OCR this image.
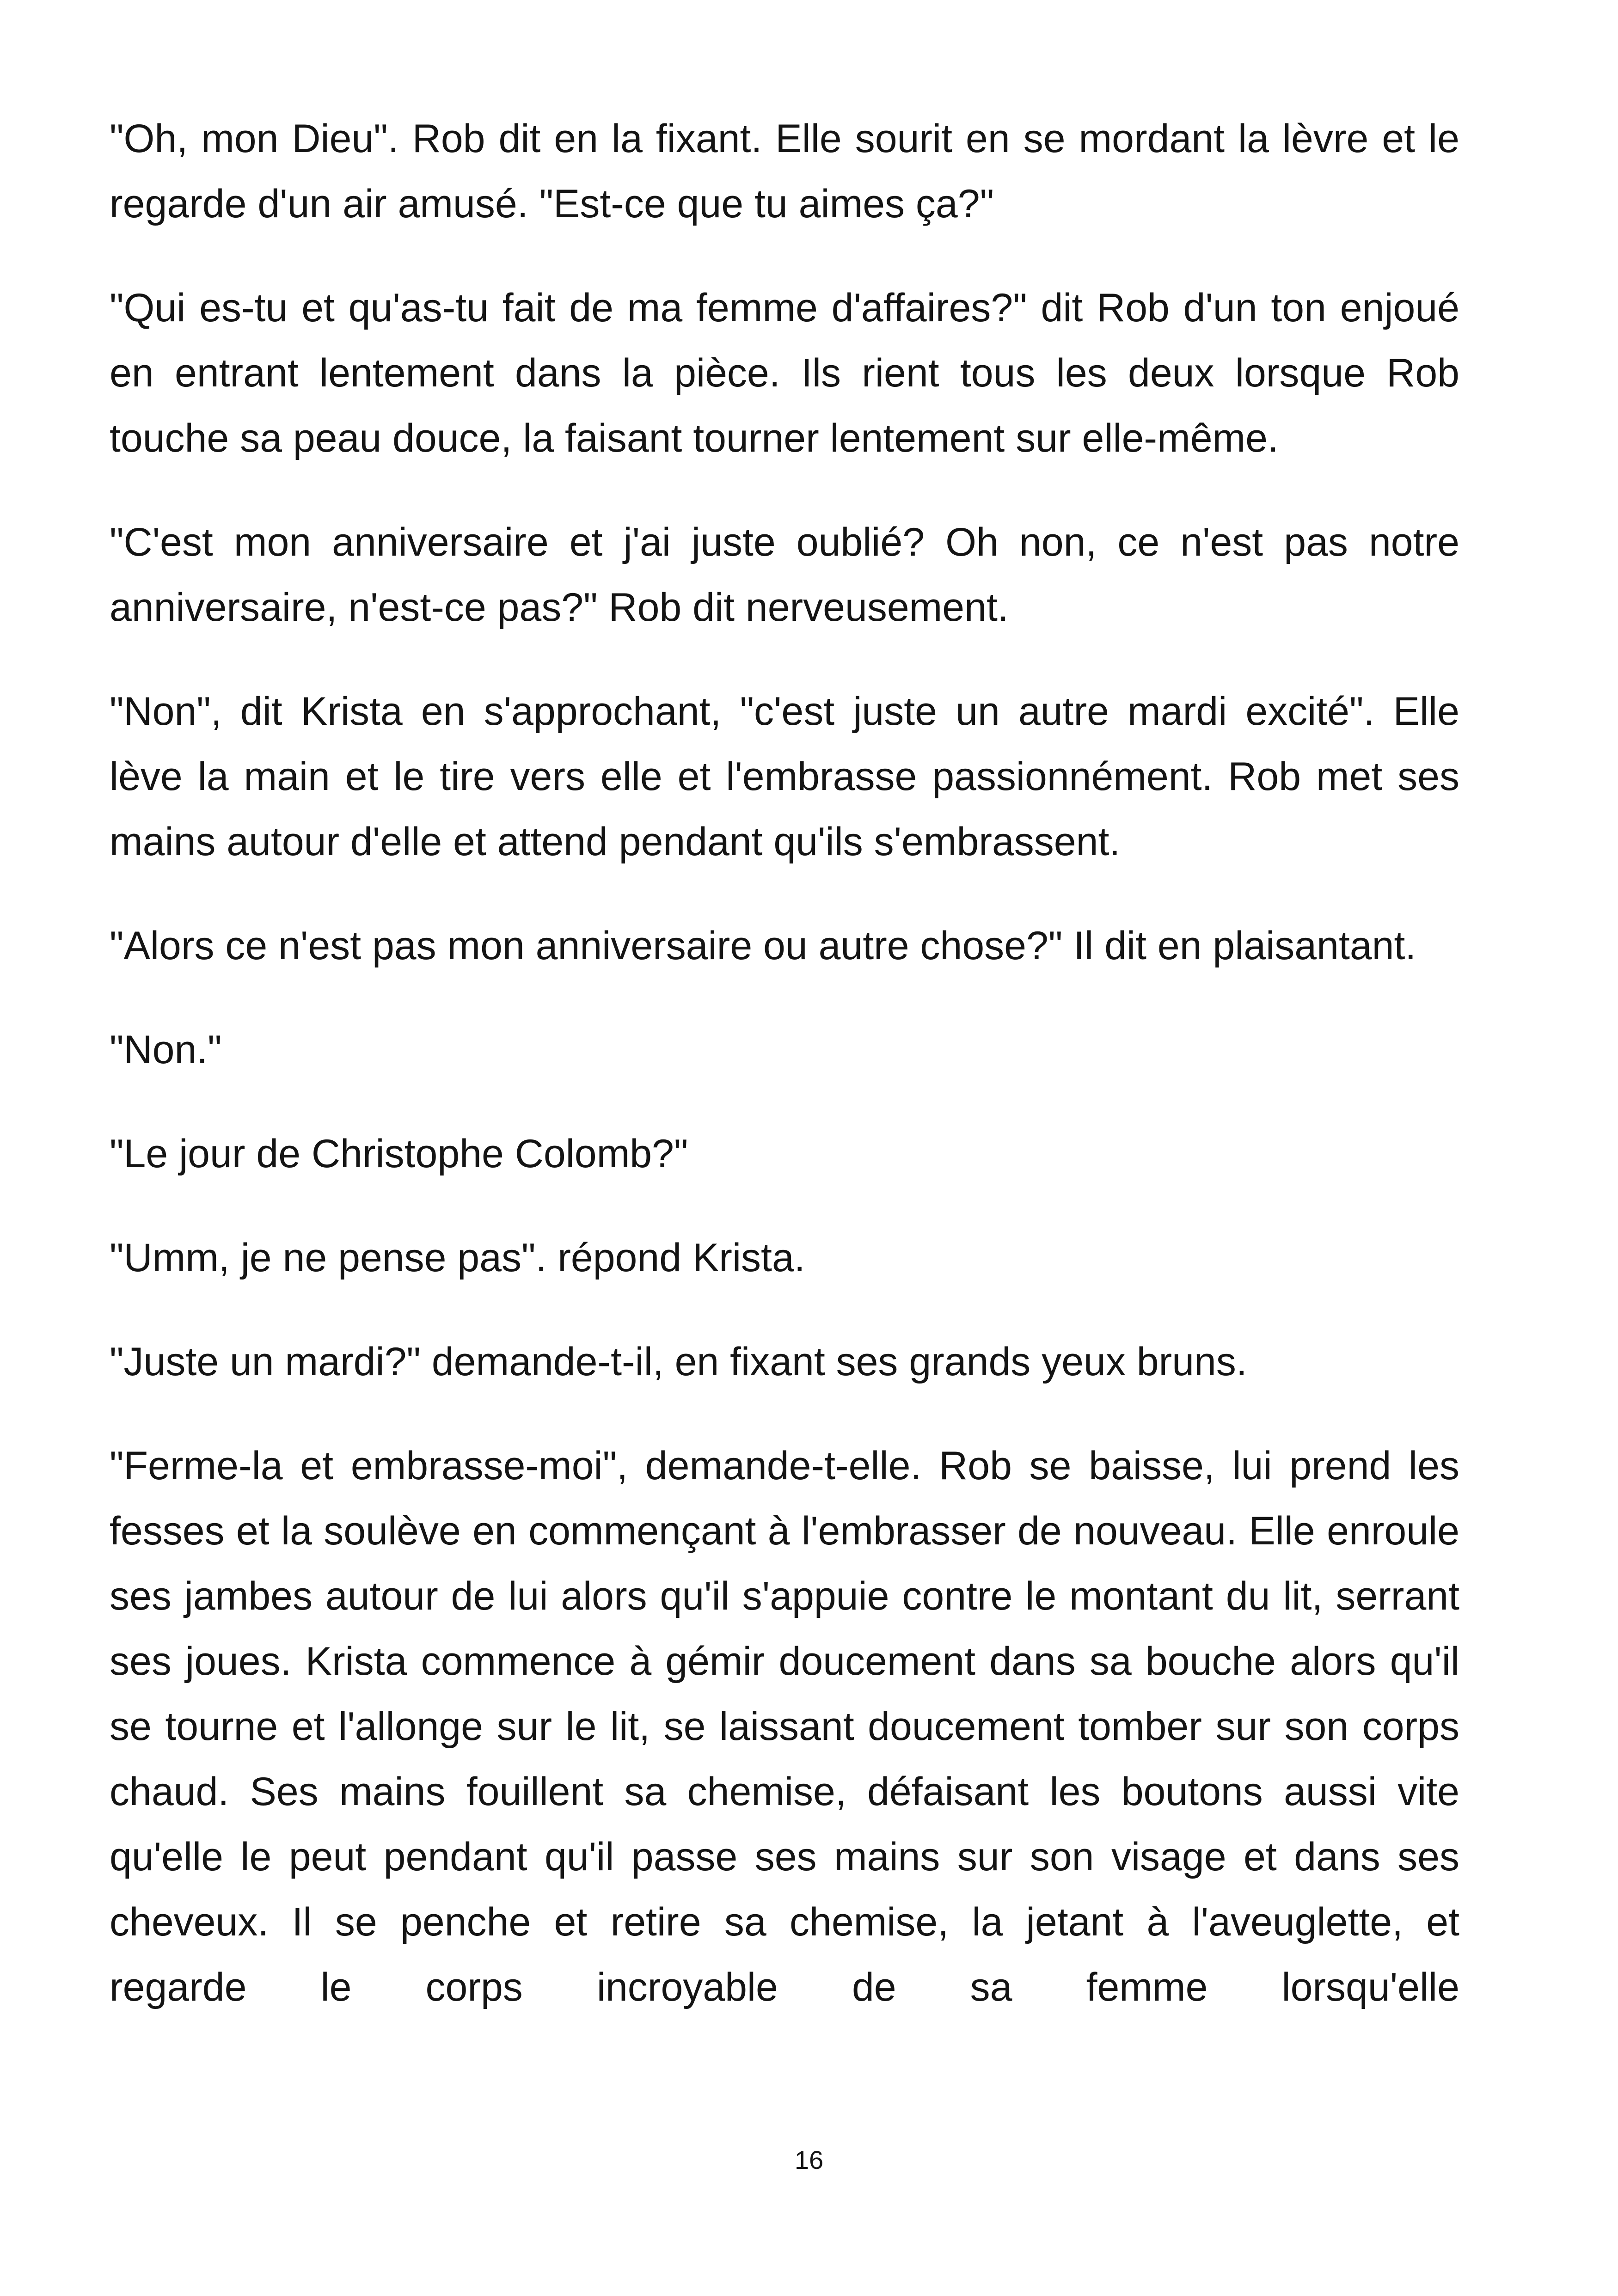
"Oh, mon Dieu". Rob dit en la fixant. Elle sourit en se mordant la lèvre et le regarde d'un air amusé. "Est-ce que tu aimes ça?"

"Qui es-tu et qu'as-tu fait de ma femme d'affaires?" dit Rob d'un ton enjoué en entrant lentement dans la pièce. Ils rient tous les deux lorsque Rob touche sa peau douce, la faisant tourner lentement sur elle-même.

"C'est mon anniversaire et j'ai juste oublié? Oh non, ce n'est pas notre anniversaire, n'est-ce pas?" Rob dit nerveusement.

"Non", dit Krista en s'approchant, "c'est juste un autre mardi excité". Elle lève la main et le tire vers elle et l'embrasse passionnément. Rob met ses mains autour d'elle et attend pendant qu'ils s'embrassent.

"Alors ce n'est pas mon anniversaire ou autre chose?" Il dit en plaisantant.

"Non."

"Le jour de Christophe Colomb?"

"Umm, je ne pense pas". répond Krista.

"Juste un mardi?" demande-t-il, en fixant ses grands yeux bruns.

"Ferme-la et embrasse-moi", demande-t-elle. Rob se baisse, lui prend les fesses et la soulève en commençant à l'embrasser de nouveau. Elle enroule ses jambes autour de lui alors qu'il s'appuie contre le montant du lit, serrant ses joues. Krista commence à gémir doucement dans sa bouche alors qu'il se tourne et l'allonge sur le lit, se laissant doucement tomber sur son corps chaud. Ses mains fouillent sa chemise, défaisant les boutons aussi vite qu'elle le peut pendant qu'il passe ses mains sur son visage et dans ses cheveux. Il se penche et retire sa chemise, la jetant à l'aveuglette, et regarde le corps incroyable de sa femme lorsqu'elle

16
